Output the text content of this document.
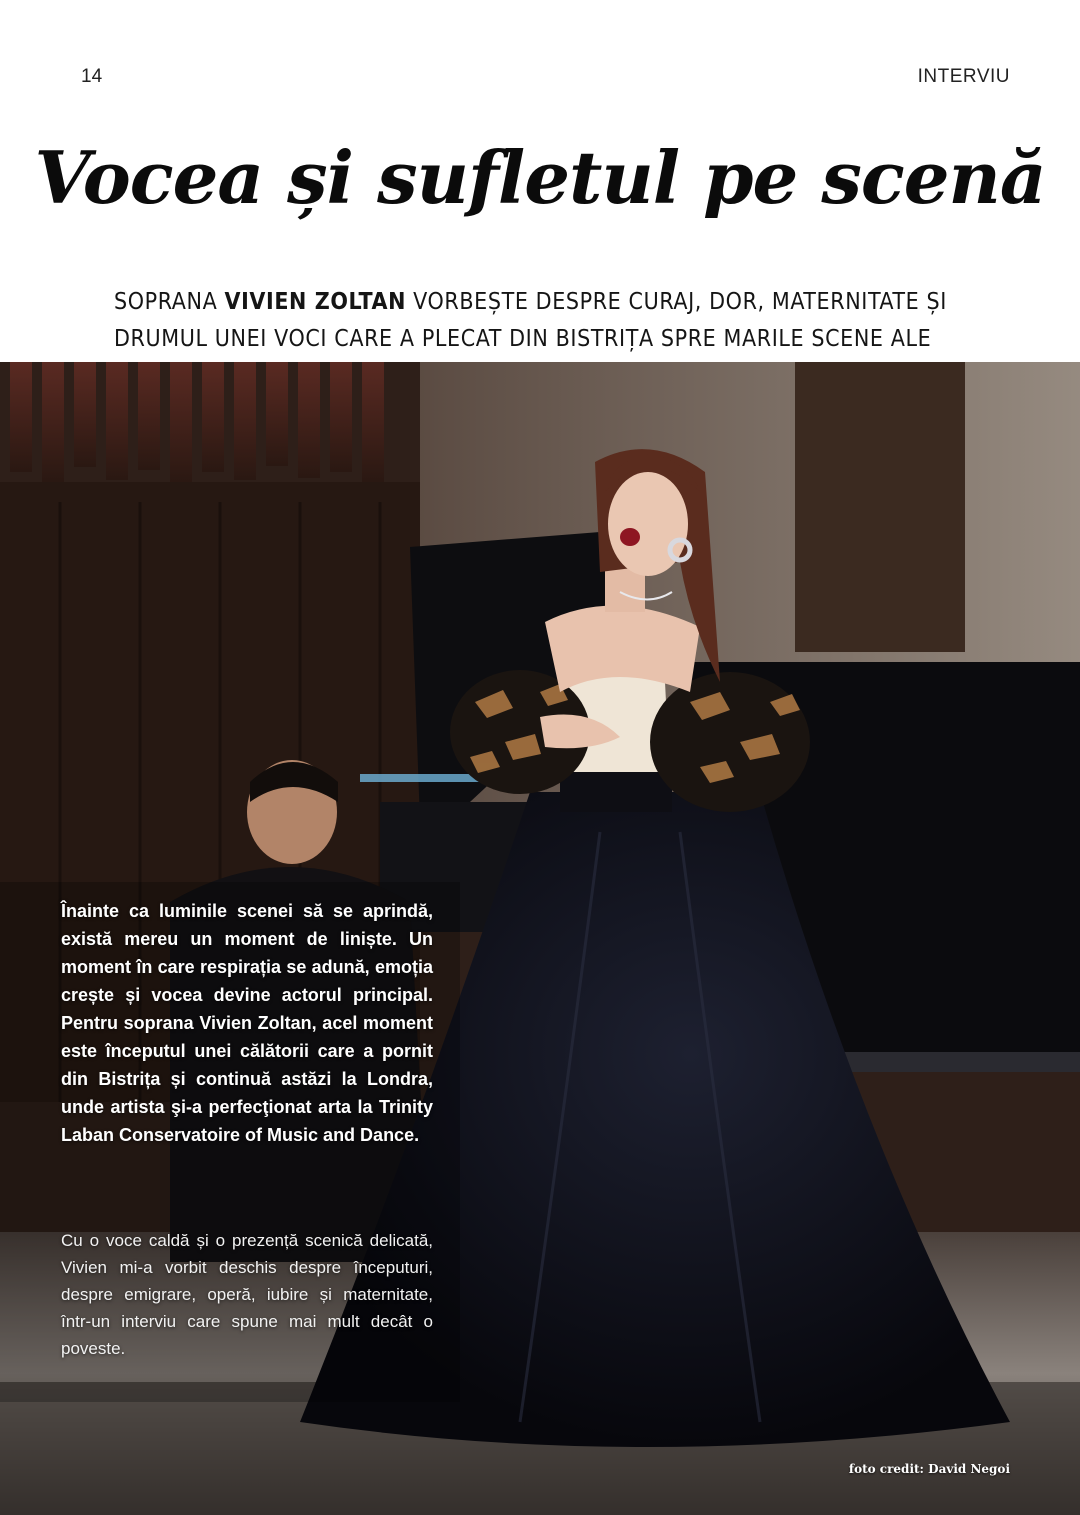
14	INTERVIU
Vocea și sufletul pe scenă

SOPRANA VIVIEN ZOLTAN VORBEȘTE DESPRE CURAJ, DOR, MATERNITATE ȘI DRUMUL UNEI VOCI CARE A PLECAT DIN BISTRIȚA SPRE MARILE SCENE ALE

Înainte ca luminile scenei să se aprindă, există mereu un moment de liniște. Un moment în care respirația se adună, emoția crește și vocea devine actorul principal. Pentru soprana Vivien Zoltan, acel moment este începutul unei călătorii care a pornit din Bistrița și continuă astăzi la Londra, unde artista şi-a perfecţionat arta la Trinity Laban Conservatoire of Music and Dance.
Cu o voce caldă și o prezență scenică delicată, Vivien mi-a vorbit deschis despre începuturi, despre emigrare, operă, iubire și maternitate, într-un interviu care spune mai mult decât o poveste.
foto credit: David Negoi
